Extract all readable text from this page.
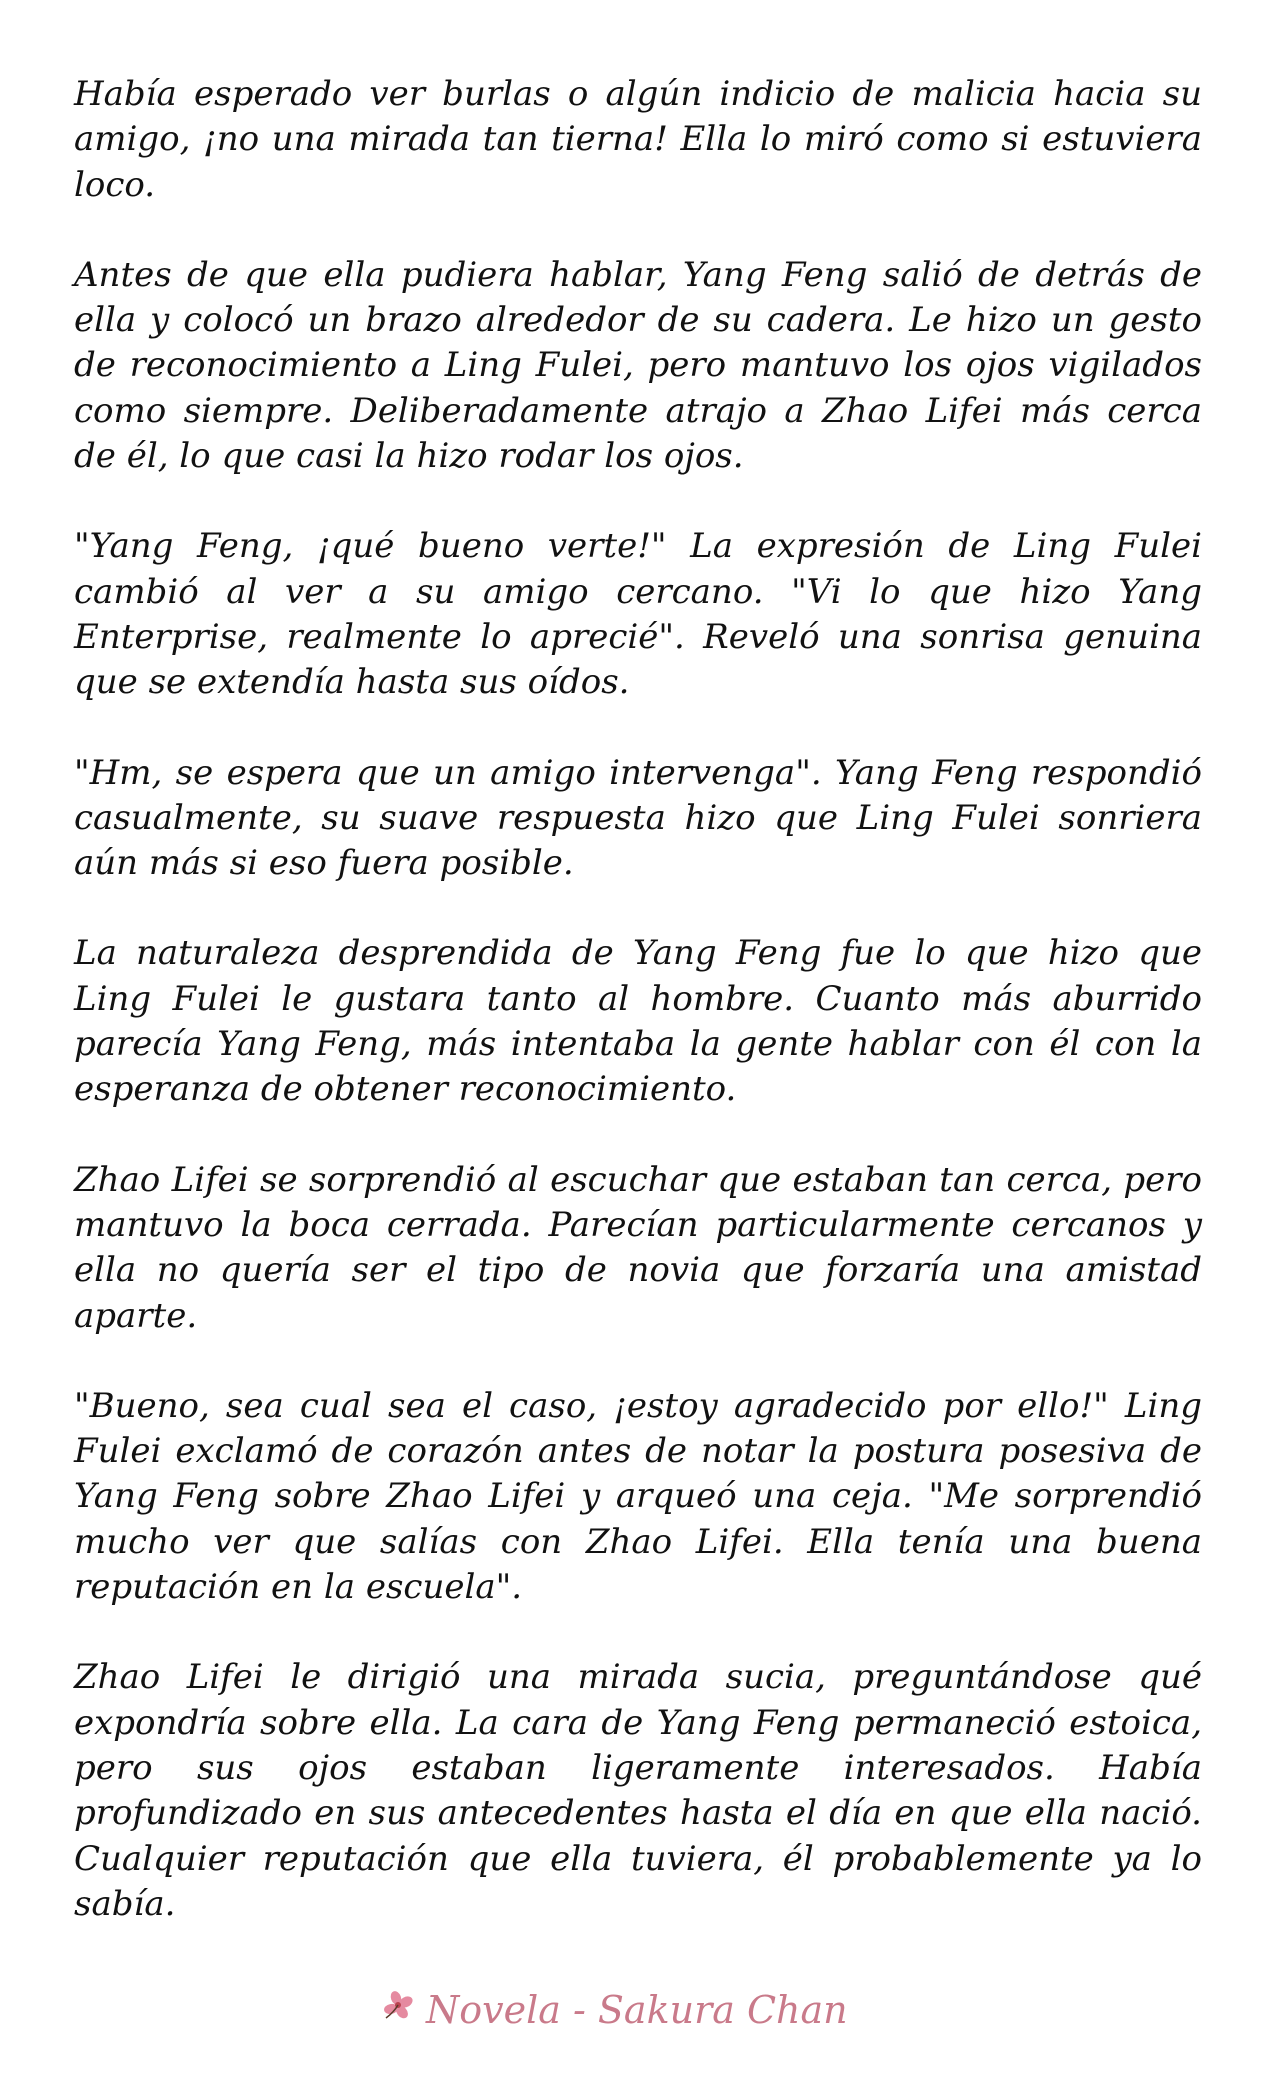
Había esperado ver burlas o algún indicio de malicia hacia su amigo, ¡no una mirada tan tierna! Ella lo miró como si estuviera loco.

Antes de que ella pudiera hablar, Yang Feng salió de detrás de ella y colocó un brazo alrededor de su cadera. Le hizo un gesto de reconocimiento a Ling Fulei, pero mantuvo los ojos vigilados como siempre. Deliberadamente atrajo a Zhao Lifei más cerca de él, lo que casi la hizo rodar los ojos.

"Yang Feng, ¡qué bueno verte!" La expresión de Ling Fulei cambió al ver a su amigo cercano. "Vi lo que hizo Yang Enterprise, realmente lo aprecié". Reveló una sonrisa genuina que se extendía hasta sus oídos.

"Hm, se espera que un amigo intervenga". Yang Feng respondió casualmente, su suave respuesta hizo que Ling Fulei sonriera aún más si eso fuera posible.

La naturaleza desprendida de Yang Feng fue lo que hizo que Ling Fulei le gustara tanto al hombre. Cuanto más aburrido parecía Yang Feng, más intentaba la gente hablar con él con la esperanza de obtener reconocimiento.

Zhao Lifei se sorprendió al escuchar que estaban tan cerca, pero mantuvo la boca cerrada. Parecían particularmente cercanos y ella no quería ser el tipo de novia que forzaría una amistad aparte.

"Bueno, sea cual sea el caso, ¡estoy agradecido por ello!" Ling Fulei exclamó de corazón antes de notar la postura posesiva de Yang Feng sobre Zhao Lifei y arqueó una ceja. "Me sorprendió mucho ver que salías con Zhao Lifei. Ella tenía una buena reputación en la escuela".

Zhao Lifei le dirigió una mirada sucia, preguntándose qué expondría sobre ella. La cara de Yang Feng permaneció estoica, pero sus ojos estaban ligeramente interesados. Había profundizado en sus antecedentes hasta el día en que ella nació. Cualquier reputación que ella tuviera, él probablemente ya lo sabía.

Novela - Sakura Chan
